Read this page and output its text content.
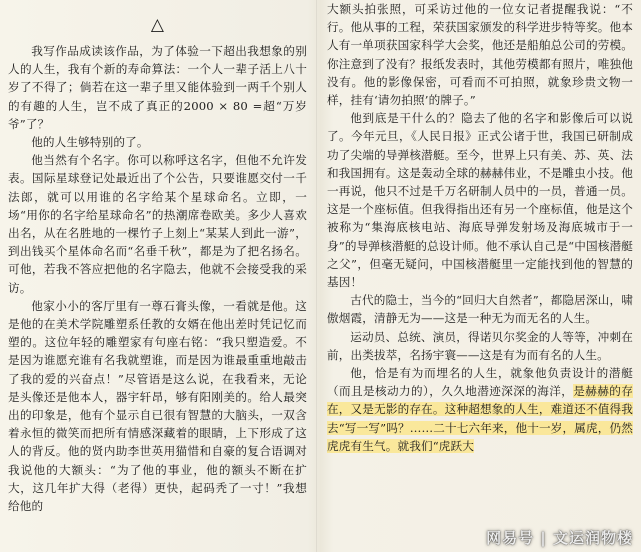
△

我写作品成读该作品，为了体验一下超出我想象的别人的人生，我有个新的寿命算法：一个人一辈子活上八十岁了不得了；倘若在这一辈子里又能体验到一两千个别人的有趣的人生，岂不成了真正的2000 × 80 =超“万岁爷”了？

他的人生够特别的了。

他当然有个名字。你可以称呼这名字，但他不允许发表。国际星球登记处最近出了个公告，只要谁愿交付一千法郎，就可以用谁的名字给某个星球命名。立即，一场“用你的名字给星球命名”的热潮席卷欧美。多少人喜欢出名，从在名胜地的一棵竹子上刻上“某某人到此一游”，到出钱买个星体命名而“名垂千秋”，都是为了把名扬名。可他，若我不答应把他的名字隐去，他就不会接受我的采访。

他家小小的客厅里有一尊石膏头像，一看就是他。这是他的在美术学院雕塑系任教的女婿在他出差时凭记忆而塑的。这位年轻的雕塑家有句座右铭：“我只塑造爱。不是因为谁愿充谁有名我就塑谁，而是因为谁最重重地敲击了我的爱的兴奋点！”尽管语是这么说，在我看来，无论是头像还是他本人，器宇轩昂，够有阳刚美的。给人最突出的印象是，他有个显示自已很有智慧的大脑头，一双含着永恒的微笑而把所有情感深藏着的眼睛，上下形成了这人的背反。他的贤内助李世英用猫惜和自豪的复合语调对我说他的大额头：“为了他的事业，他的额头不断在扩大，这几年扩大得（老得）更快，起码秃了一寸！”我想给他的

大额头拍张照，可采访过他的一位女记者提醒我说：“不行。他从事的工程，荣获国家颁发的科学进步特等奖。他本人有一单项获国家科学大会奖，他还是船舶总公司的劳模。你注意到了没有？报纸发表时，其他劳模都有照片，唯独他没有。他的影像保密，可看而不可拍照，就象珍贵文物一样，挂有‘请勿拍照’的牌子。”

他到底是干什么的？隐去了他的名字和影像后可以说了。今年元旦，《人民日报》正式公诸于世，我国已研制成功了尖端的导弹核潜艇。至今，世界上只有美、苏、英、法和我国拥有。这是轰动全球的赫赫伟业，不是雕虫小技。他一再说，他只不过是千万名研制人员中的一员，普通一员。这是一个座标值。但我得指出还有另一个座标值，他是这个被称为“集海底核电站、海底导弹发射场及海底城市于一身”的导弹核潜艇的总设计师。他不承认自己是“中国核潜艇之父”，但毫无疑问，中国核潜艇里一定能找到他的智慧的基因！

古代的隐士，当今的“回归大自然者”，都隐居深山，啸傲烟霞，清静无为——这是一种无为而无名的人生。

运动员、总统、演员，得诺贝尔奖金的人等等，冲刺在前，出类拔萃，名扬宇寰——这是有为而有名的人生。

他，恰是有为而埋名的人生，就象他负责设计的潜艇（而且是核动力的），久久地潜迹深深的海洋，是赫赫的存在，又是无影的存在。这种超想象的人生，难道还不值得我去“写一写”吗？……二十七六年来，他十一岁，属虎，仍然虎虎有生气。就我们“虎跃大

网易号 | 文运润物楼
